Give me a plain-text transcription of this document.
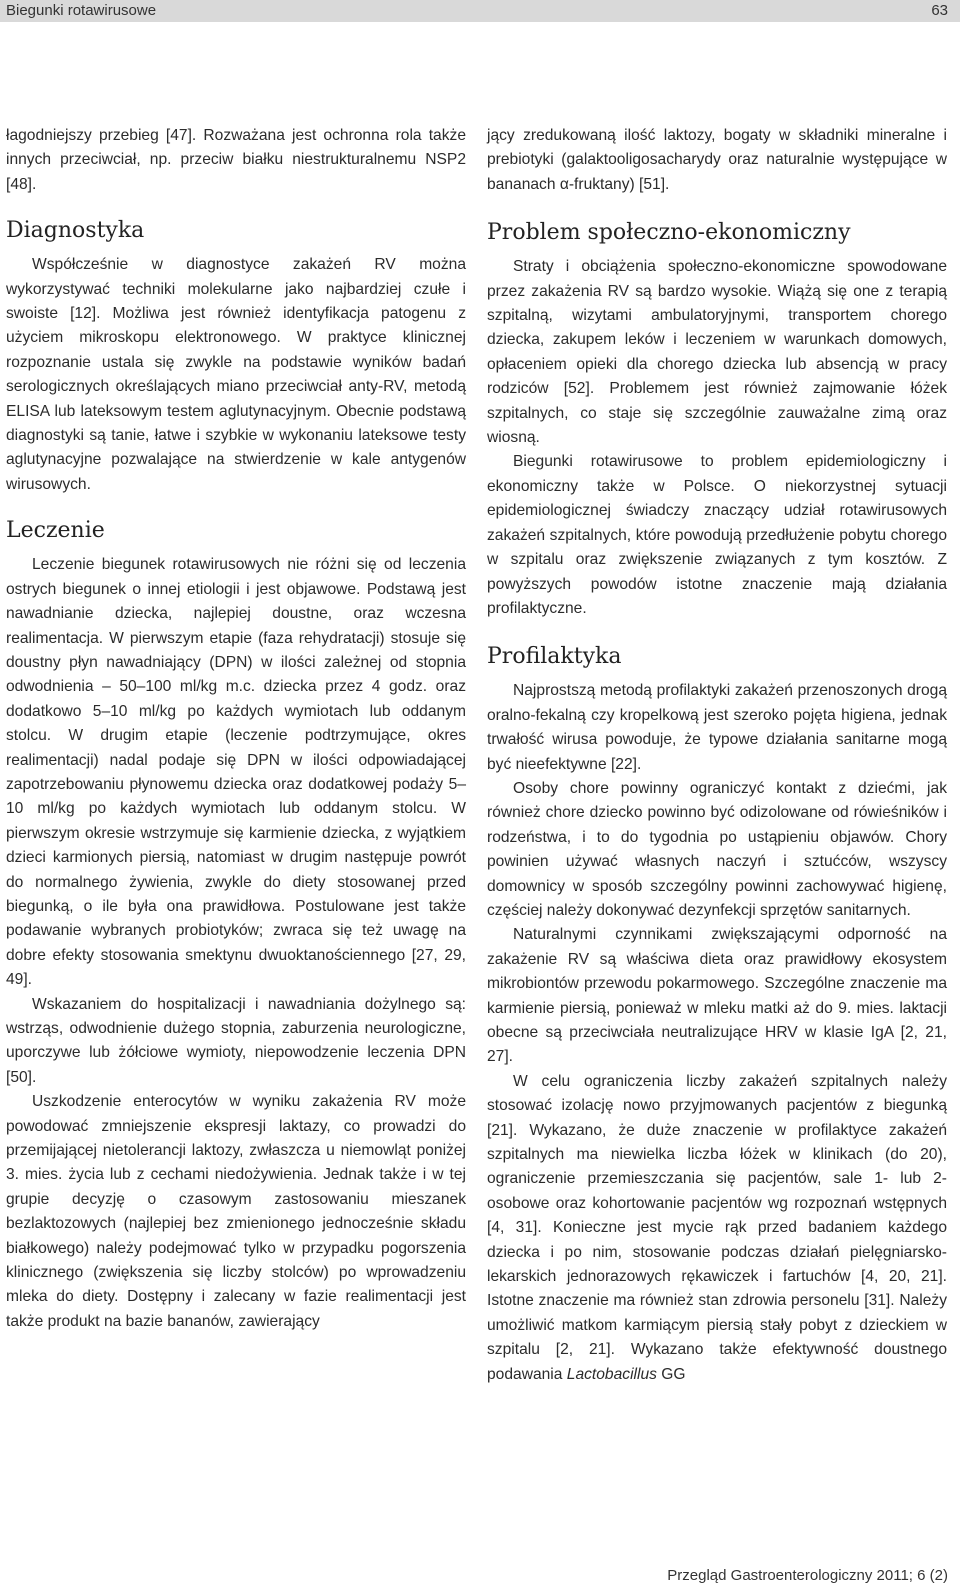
Biegunki rotawirusowe	63

łagodniejszy przebieg [47]. Rozważana jest ochronna rola także innych przeciwciał, np. przeciw białku niestrukturalnemu NSP2 [48].

Diagnostyka

Współcześnie w diagnostyce zakażeń RV można wykorzystywać techniki molekularne jako najbardziej czułe i swoiste [12]. Możliwa jest również identyfikacja patogenu z użyciem mikroskopu elektronowego. W praktyce klinicznej rozpoznanie ustala się zwykle na podstawie wyników badań serologicznych określających miano przeciwciał anty-RV, metodą ELISA lub lateksowym testem aglutynacyjnym. Obecnie podstawą diagnostyki są tanie, łatwe i szybkie w wykonaniu lateksowe testy aglutynacyjne pozwalające na stwierdzenie w kale antygenów wirusowych.

Leczenie

Leczenie biegunek rotawirusowych nie różni się od leczenia ostrych biegunek o innej etiologii i jest objawowe. Podstawą jest nawadnianie dziecka, najlepiej doustne, oraz wczesna realimentacja. W pierwszym etapie (faza rehydratacji) stosuje się doustny płyn nawadniający (DPN) w ilości zależnej od stopnia odwodnienia – 50–100 ml/kg m.c. dziecka przez 4 godz. oraz dodatkowo 5–10 ml/kg po każdych wymiotach lub oddanym stolcu. W drugim etapie (leczenie podtrzymujące, okres realimentacji) nadal podaje się DPN w ilości odpowiadającej zapotrzebowaniu płynowemu dziecka oraz dodatkowej podaży 5–10 ml/kg po każdych wymiotach lub oddanym stolcu. W pierwszym okresie wstrzymuje się karmienie dziecka, z wyjątkiem dzieci karmionych piersią, natomiast w drugim następuje powrót do normalnego żywienia, zwykle do diety stosowanej przed biegunką, o ile była ona prawidłowa. Postulowane jest także podawanie wybranych probiotyków; zwraca się też uwagę na dobre efekty stosowania smektynu dwuoktanościennego [27, 29, 49].

Wskazaniem do hospitalizacji i nawadniania dożylnego są: wstrząs, odwodnienie dużego stopnia, zaburzenia neurologiczne, uporczywe lub żółciowe wymioty, niepowodzenie leczenia DPN [50].

Uszkodzenie enterocytów w wyniku zakażenia RV może powodować zmniejszenie ekspresji laktazy, co prowadzi do przemijającej nietolerancji laktozy, zwłaszcza u niemowląt poniżej 3. mies. życia lub z cechami niedożywienia. Jednak także i w tej grupie decyzję o czasowym zastosowaniu mieszanek bezlaktozowych (najlepiej bez zmienionego jednocześnie składu białkowego) należy podejmować tylko w przypadku pogorszenia klinicznego (zwiększenia się liczby stolców) po wprowadzeniu mleka do diety. Dostępny i zalecany w fazie realimentacji jest także produkt na bazie bananów, zawierający

jący zredukowaną ilość laktozy, bogaty w składniki mineralne i prebiotyki (galaktooligosacharydy oraz naturalnie występujące w bananach α-fruktany) [51].

Problem społeczno-ekonomiczny

Straty i obciążenia społeczno-ekonomiczne spowodowane przez zakażenia RV są bardzo wysokie. Wiążą się one z terapią szpitalną, wizytami ambulatoryjnymi, transportem chorego dziecka, zakupem leków i leczeniem w warunkach domowych, opłaceniem opieki dla chorego dziecka lub absencją w pracy rodziców [52]. Problemem jest również zajmowanie łóżek szpitalnych, co staje się szczególnie zauważalne zimą oraz wiosną.

Biegunki rotawirusowe to problem epidemiologiczny i ekonomiczny także w Polsce. O niekorzystnej sytuacji epidemiologicznej świadczy znaczący udział rotawirusowych zakażeń szpitalnych, które powodują przedłużenie pobytu chorego w szpitalu oraz zwiększenie związanych z tym kosztów. Z powyższych powodów istotne znaczenie mają działania profilaktyczne.

Profilaktyka

Najprostszą metodą profilaktyki zakażeń przenoszonych drogą oralno-fekalną czy kropelkową jest szeroko pojęta higiena, jednak trwałość wirusa powoduje, że typowe działania sanitarne mogą być nieefektywne [22].

Osoby chore powinny ograniczyć kontakt z dziećmi, jak również chore dziecko powinno być odizolowane od rówieśników i rodzeństwa, i to do tygodnia po ustąpieniu objawów. Chory powinien używać własnych naczyń i sztućców, wszyscy domownicy w sposób szczególny powinni zachowywać higienę, częściej należy dokonywać dezynfekcji sprzętów sanitarnych.

Naturalnymi czynnikami zwiększającymi odporność na zakażenie RV są właściwa dieta oraz prawidłowy ekosystem mikrobiontów przewodu pokarmowego. Szczególne znaczenie ma karmienie piersią, ponieważ w mleku matki aż do 9. mies. laktacji obecne są przeciwciała neutralizujące HRV w klasie IgA [2, 21, 27].

W celu ograniczenia liczby zakażeń szpitalnych należy stosować izolację nowo przyjmowanych pacjentów z biegunką [21]. Wykazano, że duże znaczenie w profilaktyce zakażeń szpitalnych ma niewielka liczba łóżek w klinikach (do 20), ograniczenie przemieszczania się pacjentów, sale 1- lub 2-osobowe oraz kohortowanie pacjentów wg rozpoznań wstępnych [4, 31]. Konieczne jest mycie rąk przed badaniem każdego dziecka i po nim, stosowanie podczas działań pielęgniarsko-lekarskich jednorazowych rękawiczek i fartuchów [4, 20, 21]. Istotne znaczenie ma również stan zdrowia personelu [31]. Należy umożliwić matkom karmiącym piersią stały pobyt z dzieckiem w szpitalu [2, 21]. Wykazano także efektywność doustnego podawania Lactobacillus GG

Przegląd Gastroenterologiczny 2011; 6 (2)
